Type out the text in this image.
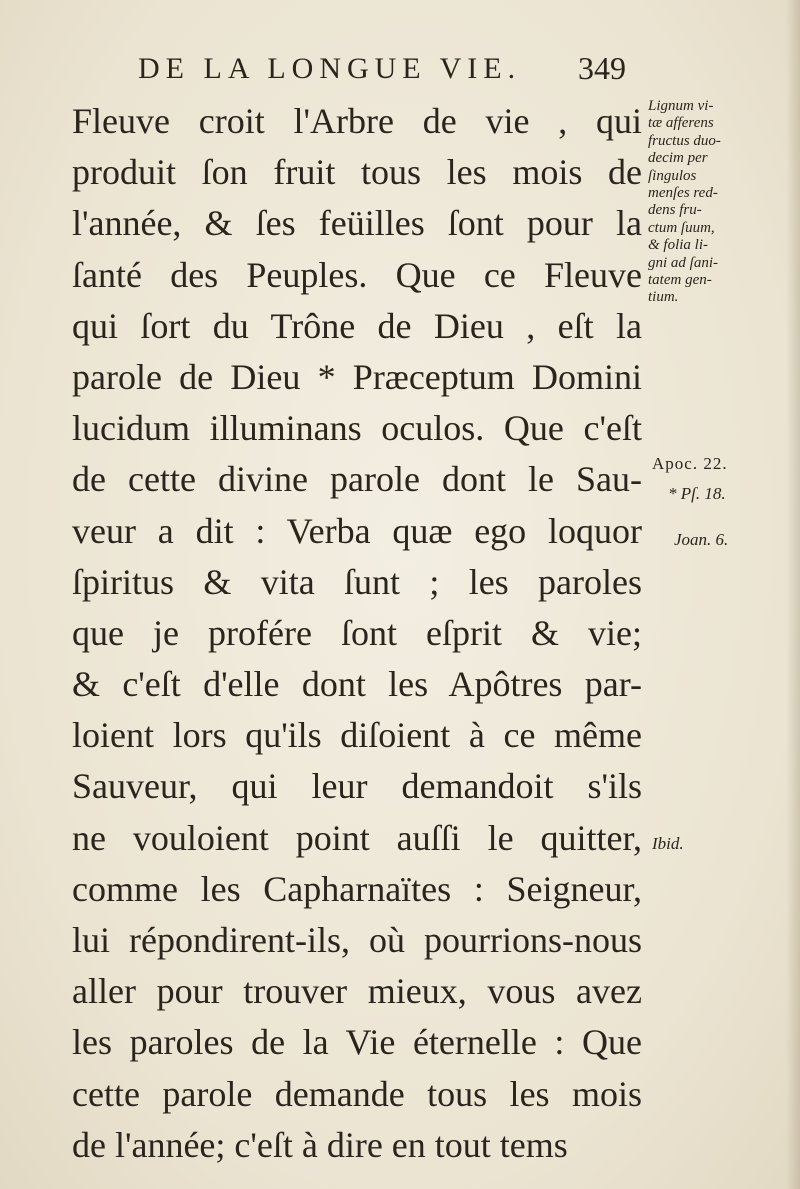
DE LA LONGUE VIE. 349
Fleuve croit l'Arbre de vie , qui
produit ſon fruit tous les mois de
l'année, & ſes feüilles ſont pour la
ſanté des Peuples. Que ce Fleuve
qui ſort du Trône de Dieu , eſt la
parole de Dieu * Præceptum Domini
lucidum illuminans oculos. Que c'eſt
de cette divine parole dont le Sau-
veur a dit : Verba quæ ego loquor
ſpiritus & vita ſunt ; les paroles
que je profére ſont eſprit & vie;
& c'eſt d'elle dont les Apôtres par-
loient lors qu'ils diſoient à ce même
Sauveur, qui leur demandoit s'ils
ne vouloient point auſſi le quitter,
comme les Capharnaïtes : Seigneur,
lui répondirent-ils, où pourrions-nous
aller pour trouver mieux, vous avez
les paroles de la Vie éternelle : Que
cette parole demande tous les mois
de l'année; c'eſt à dire en tout tems
Lignum vi-
tæ afferens
fructus duo-
decim per
ſingulos
menſes red-
dens fru-
ctum ſuum,
& folia li-
gni ad ſani-
tatem gen-
tium.
Apoc. 22.
* Pſ. 18.
Joan. 6.
Ibid.
